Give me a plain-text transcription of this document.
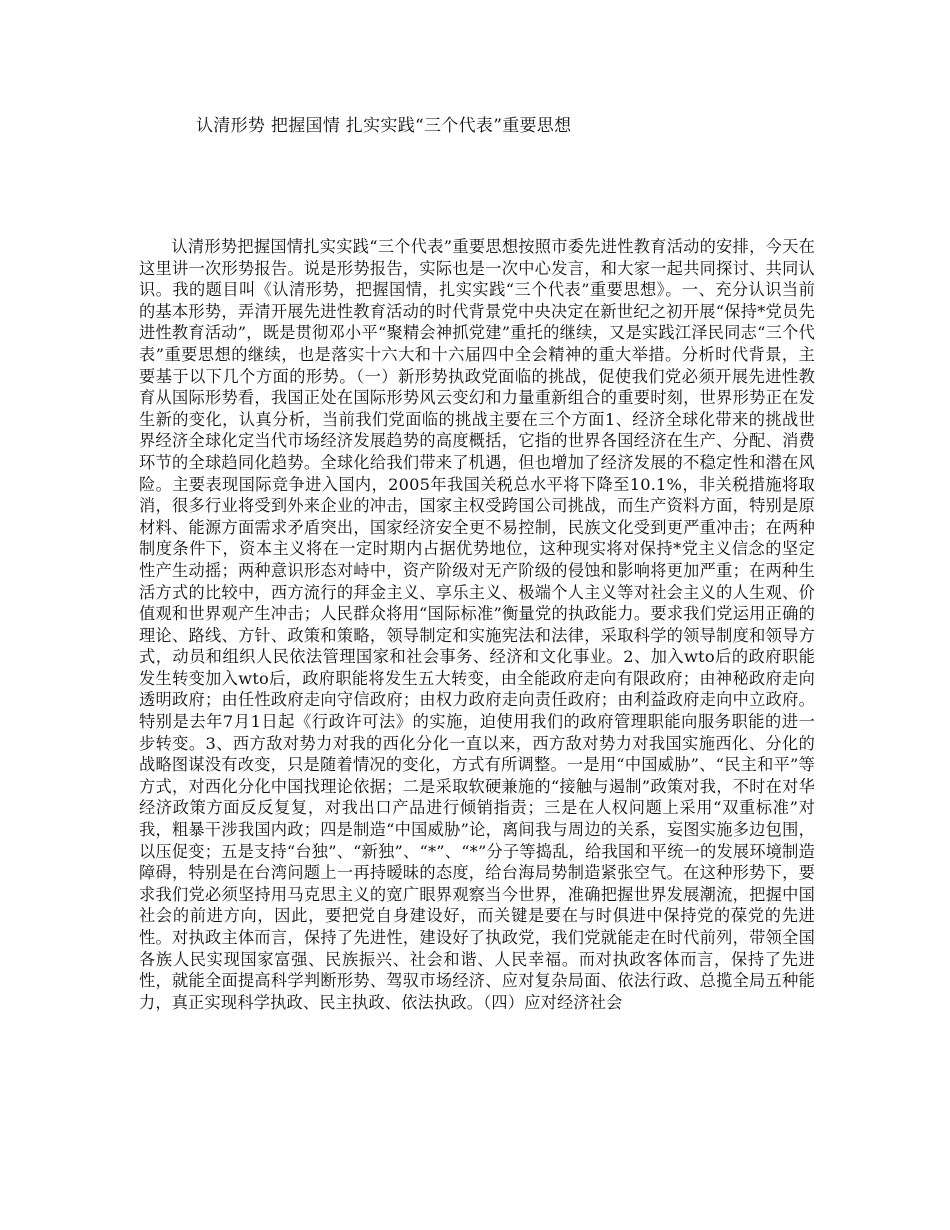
认清形势 把握国情 扎实实践“三个代表”重要思想

认清形势把握国情扎实实践“三个代表”重要思想按照市委先进性教育活动的安排，今天在这里讲一次形势报告。说是形势报告，实际也是一次中心发言，和大家一起共同探讨、共同认识。我的题目叫《认清形势，把握国情，扎实实践“三个代表”重要思想》。一、充分认识当前的基本形势，弄清开展先进性教育活动的时代背景党中央决定在新世纪之初开展“保持*党员先进性教育活动”，既是贯彻邓小平“聚精会神抓党建”重托的继续，又是实践江泽民同志“三个代表”重要思想的继续，也是落实十六大和十六届四中全会精神的重大举措。分析时代背景，主要基于以下几个方面的形势。（一）新形势执政党面临的挑战，促使我们党必须开展先进性教育从国际形势看，我国正处在国际形势风云变幻和力量重新组合的重要时刻，世界形势正在发生新的变化，认真分析，当前我们党面临的挑战主要在三个方面1、经济全球化带来的挑战世界经济全球化定当代市场经济发展趋势的高度概括，它指的世界各国经济在生产、分配、消费环节的全球趋同化趋势。全球化给我们带来了机遇，但也增加了经济发展的不稳定性和潜在风险。主要表现国际竞争进入国内，2005年我国关税总水平将下降至10.1%，非关税措施将取消，很多行业将受到外来企业的冲击，国家主权受跨国公司挑战，而生产资料方面，特别是原材料、能源方面需求矛盾突出，国家经济安全更不易控制，民族文化受到更严重冲击；在两种制度条件下，资本主义将在一定时期内占据优势地位，这种现实将对保持*党主义信念的坚定性产生动摇；两种意识形态对峙中，资产阶级对无产阶级的侵蚀和影响将更加严重；在两种生活方式的比较中，西方流行的拜金主义、享乐主义、极端个人主义等对社会主义的人生观、价值观和世界观产生冲击；人民群众将用“国际标准”衡量党的执政能力。要求我们党运用正确的理论、路线、方针、政策和策略，领导制定和实施宪法和法律，采取科学的领导制度和领导方式，动员和组织人民依法管理国家和社会事务、经济和文化事业。2、加入wto后的政府职能发生转变加入wto后，政府职能将发生五大转变，由全能政府走向有限政府；由神秘政府走向透明政府；由任性政府走向守信政府；由权力政府走向责任政府；由利益政府走向中立政府。特别是去年7月1日起《行政许可法》的实施，迫使用我们的政府管理职能向服务职能的进一步转变。3、西方敌对势力对我的西化分化一直以来，西方敌对势力对我国实施西化、分化的战略图谋没有改变，只是随着情况的变化，方式有所调整。一是用“中国威胁”、“民主和平”等方式，对西化分化中国找理论依据；二是采取软硬兼施的“接触与遏制”政策对我，不时在对华经济政策方面反反复复，对我出口产品进行倾销指责；三是在人权问题上采用“双重标准”对我，粗暴干涉我国内政；四是制造“中国威胁”论，离间我与周边的关系，妄图实施多边包围，以压促变；五是支持“台独”、“新独”、“*”、“*”分子等捣乱，给我国和平统一的发展环境制造障碍，特别是在台湾问题上一再持暧昧的态度，给台海局势制造紧张空气。在这种形势下，要求我们党必须坚持用马克思主义的宽广眼界观察当今世界，准确把握世界发展潮流，把握中国社会的前进方向，因此，要把党自身建设好，而关键是要在与时俱进中保持党的葆党的先进性。对执政主体而言，保持了先进性，建设好了执政党，我们党就能走在时代前列，带领全国各族人民实现国家富强、民族振兴、社会和谐、人民幸福。而对执政客体而言，保持了先进性，就能全面提高科学判断形势、驾驭市场经济、应对复杂局面、依法行政、总揽全局五种能力，真正实现科学执政、民主执政、依法执政。（四）应对经济社会
